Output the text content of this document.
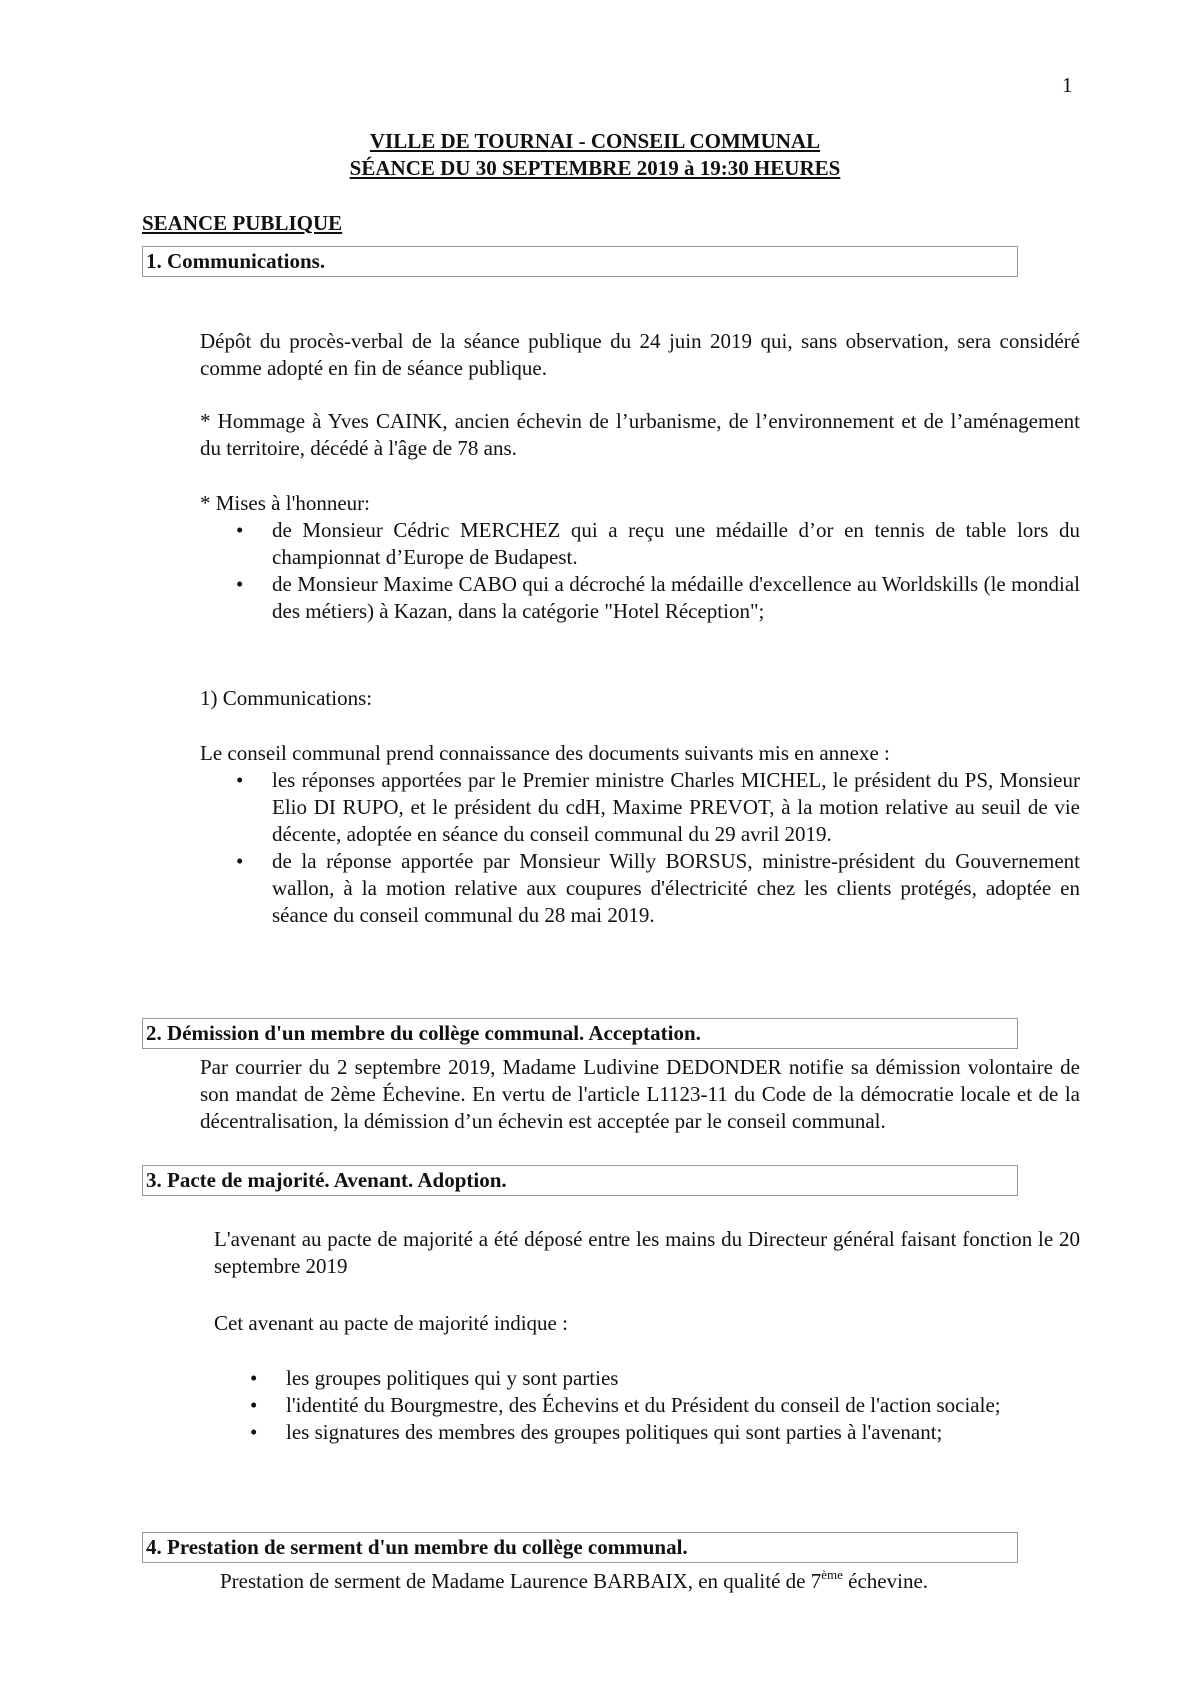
1
VILLE DE TOURNAI - CONSEIL COMMUNAL
SÉANCE DU 30 SEPTEMBRE 2019 à 19:30 HEURES
SEANCE PUBLIQUE
1. Communications.

Dépôt du procès-verbal de la séance publique du 24 juin 2019 qui, sans observation, sera considéré comme adopté en fin de séance publique.

* Hommage à Yves CAINK, ancien échevin de l’urbanisme, de l’environnement et de l’aménagement du territoire, décédé à l'âge de 78 ans.

* Mises à l'honneur:

• de Monsieur Cédric MERCHEZ qui a reçu une médaille d’or en tennis de table lors du championnat d’Europe de Budapest.
• de Monsieur Maxime CABO qui a décroché la médaille d'excellence au Worldskills (le mondial des métiers) à Kazan, dans la catégorie "Hotel Réception";

1) Communications:

Le conseil communal prend connaissance des documents suivants mis en annexe :

• les réponses apportées par le Premier ministre Charles MICHEL, le président du PS, Monsieur Elio DI RUPO, et le président du cdH, Maxime PREVOT, à la motion relative au seuil de vie décente, adoptée en séance du conseil communal du 29 avril 2019.
• de la réponse apportée par Monsieur Willy BORSUS, ministre-président du Gouvernement wallon, à la motion relative aux coupures d'électricité chez les clients protégés, adoptée en séance du conseil communal du 28 mai 2019.
2. Démission d'un membre du collège communal. Acceptation.

Par courrier du 2 septembre 2019, Madame Ludivine DEDONDER notifie sa démission volontaire de son mandat de 2ème Échevine. En vertu de l'article L1123-11 du Code de la démocratie locale et de la décentralisation, la démission d’un échevin est acceptée par le conseil communal.

3. Pacte de majorité. Avenant. Adoption.

L'avenant au pacte de majorité a été déposé entre les mains du Directeur général faisant fonction le 20 septembre 2019

Cet avenant au pacte de majorité indique :

• les groupes politiques qui y sont parties
• l'identité du Bourgmestre, des Échevins et du Président du conseil de l'action sociale;
• les signatures des membres des groupes politiques qui sont parties à l'avenant;
4. Prestation de serment d'un membre du collège communal.

Prestation de serment de Madame Laurence BARBAIX, en qualité de 7ème échevine.
